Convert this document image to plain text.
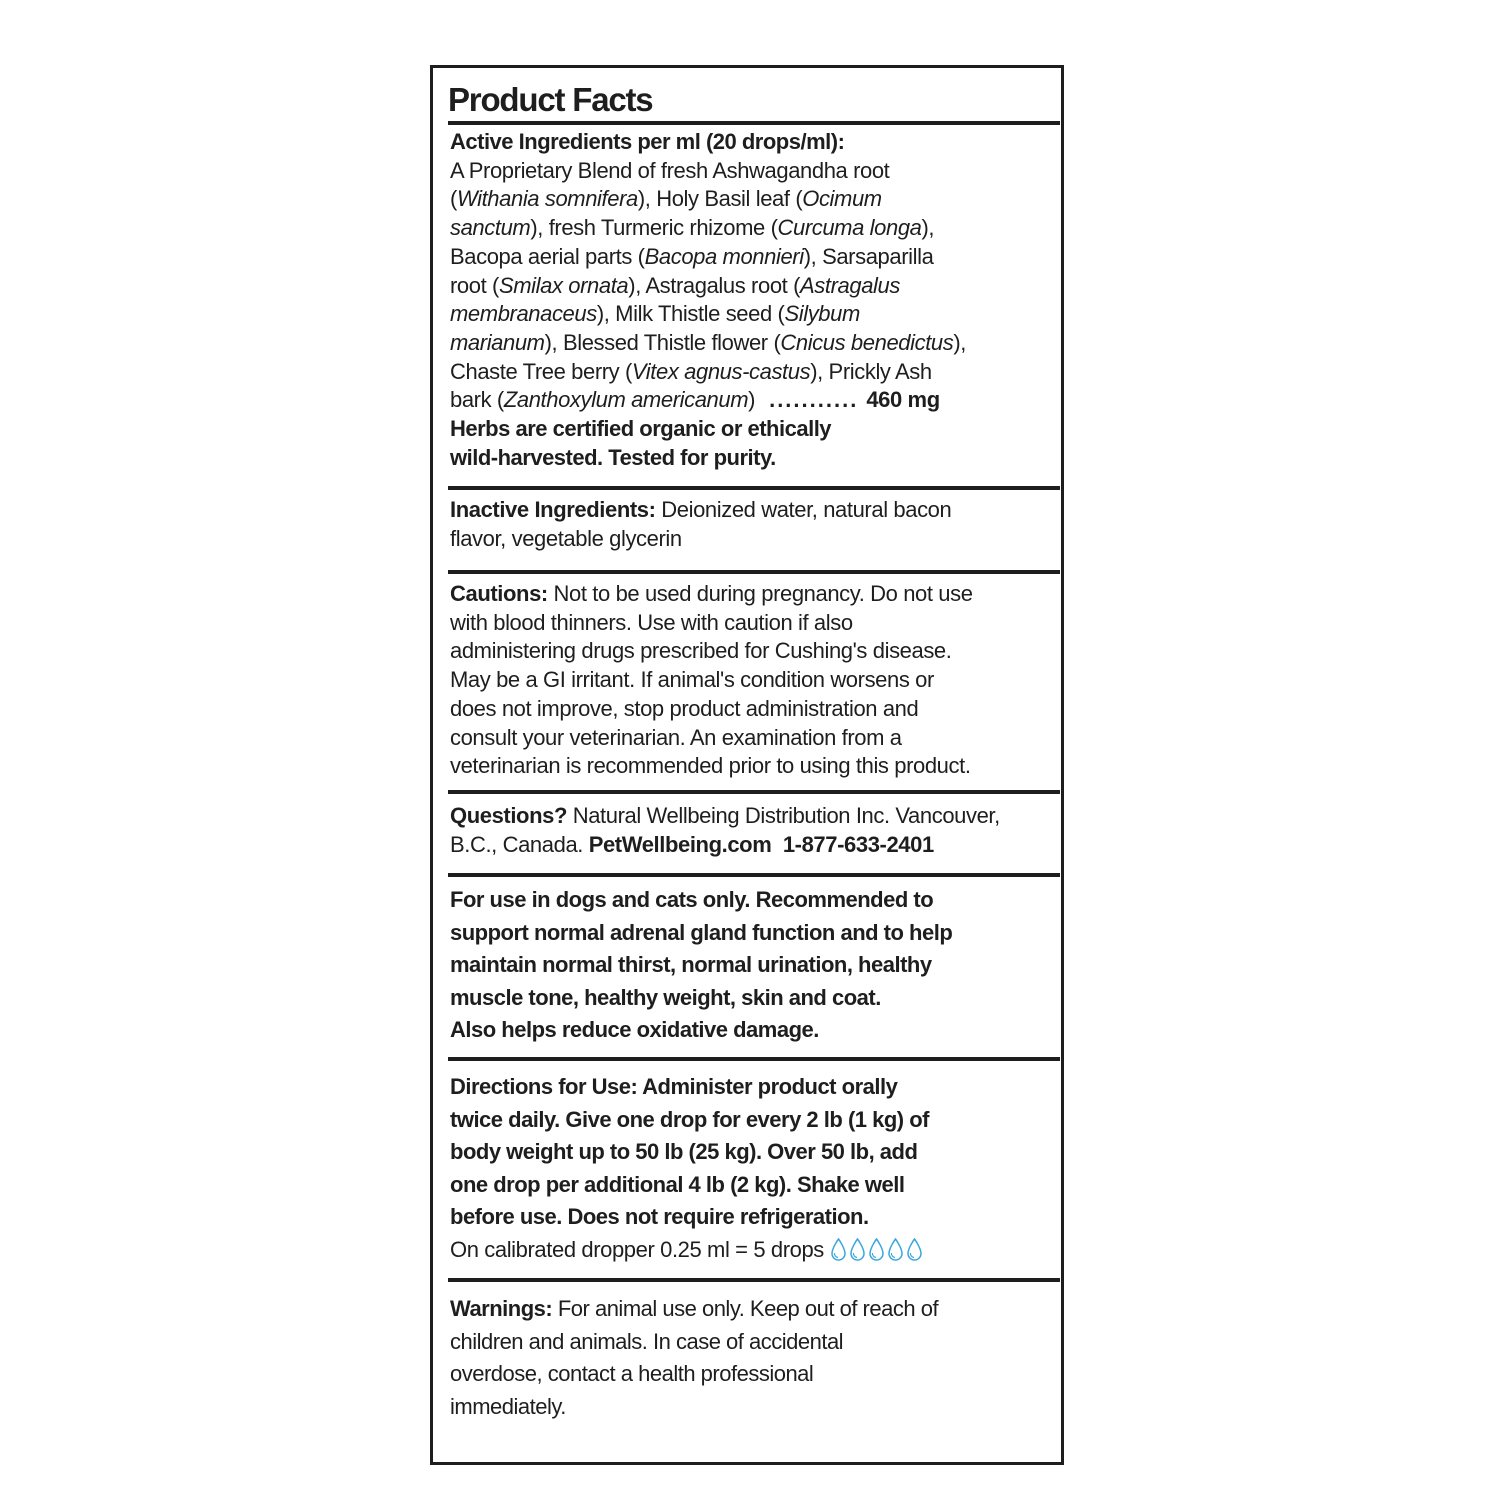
Product Facts
Active Ingredients per ml (20 drops/ml):
A Proprietary Blend of fresh Ashwagandha root
(Withania somnifera), Holy Basil leaf (Ocimum
sanctum), fresh Turmeric rhizome (Curcuma longa),
Bacopa aerial parts (Bacopa monnieri), Sarsaparilla
root (Smilax ornata), Astragalus root (Astragalus
membranaceus), Milk Thistle seed (Silybum
marianum), Blessed Thistle flower (Cnicus benedictus),
Chaste Tree berry (Vitex agnus-castus), Prickly Ash
bark (Zanthoxylum americanum) ........... 460 mg
Herbs are certified organic or ethically
wild-harvested. Tested for purity.
Inactive Ingredients: Deionized water, natural bacon
flavor, vegetable glycerin
Cautions: Not to be used during pregnancy. Do not use
with blood thinners. Use with caution if also
administering drugs prescribed for Cushing's disease.
May be a GI irritant. If animal's condition worsens or
does not improve, stop product administration and
consult your veterinarian. An examination from a
veterinarian is recommended prior to using this product.
Questions? Natural Wellbeing Distribution Inc. Vancouver,
B.C., Canada. PetWellbeing.com 1-877-633-2401
For use in dogs and cats only. Recommended to
support normal adrenal gland function and to help
maintain normal thirst, normal urination, healthy
muscle tone, healthy weight, skin and coat.
Also helps reduce oxidative damage.
Directions for Use: Administer product orally
twice daily. Give one drop for every 2 lb (1 kg) of
body weight up to 50 lb (25 kg). Over 50 lb, add
one drop per additional 4 lb (2 kg). Shake well
before use. Does not require refrigeration.
On calibrated dropper 0.25 ml = 5 drops
Warnings: For animal use only. Keep out of reach of
children and animals. In case of accidental
overdose, contact a health professional
immediately.
